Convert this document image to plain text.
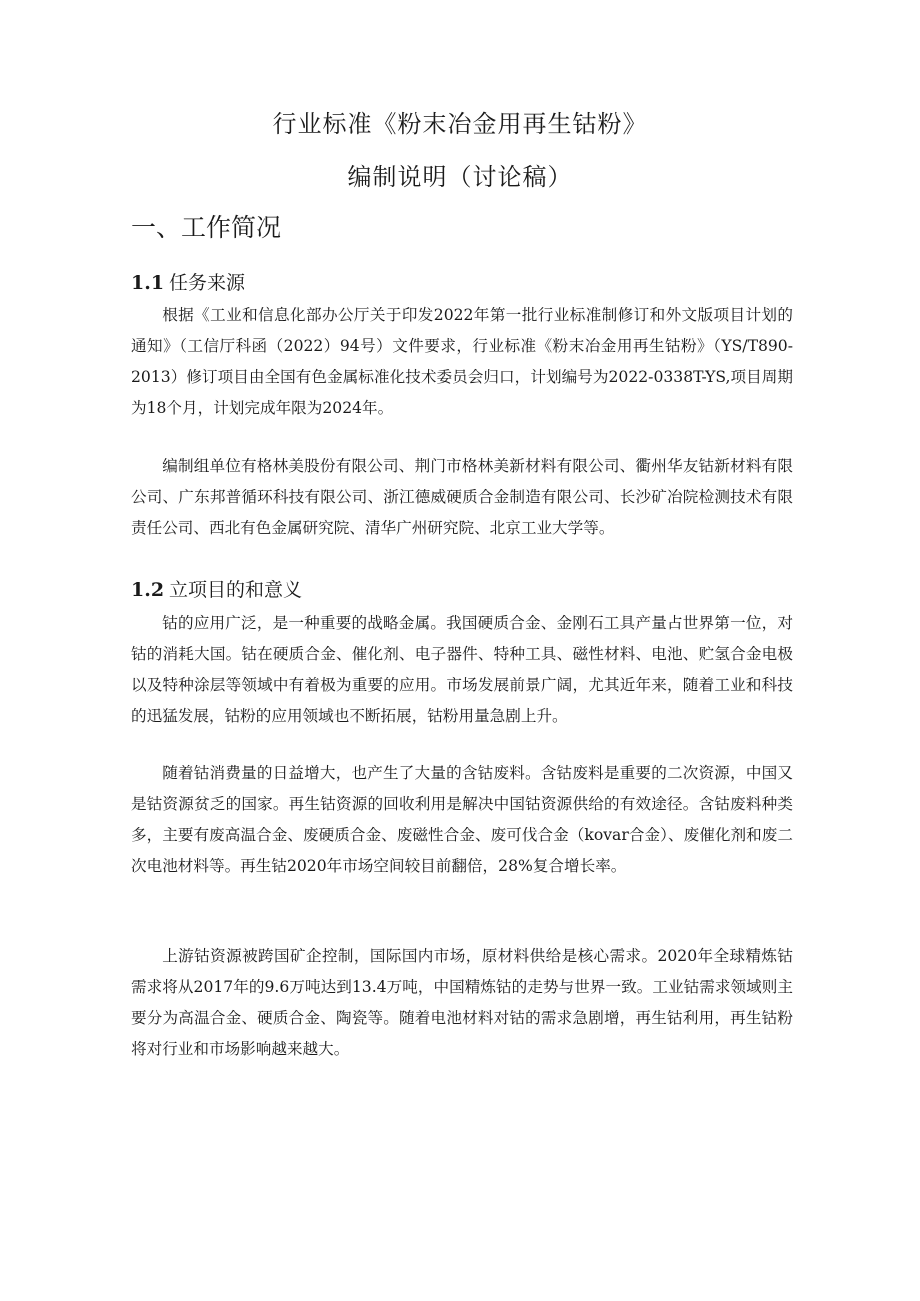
行业标准《粉末冶金用再生钴粉》
编制说明（讨论稿）
一、工作简况
1.1 任务来源

根据《工业和信息化部办公厅关于印发2022年第一批行业标准制修订和外文版项目计划的通知》（工信厅科函（2022）94号）文件要求，行业标准《粉末冶金用再生钴粉》（YS/T890-2013）修订项目由全国有色金属标准化技术委员会归口，计划编号为2022-0338T-YS,项目周期为18个月，计划完成年限为2024年。

编制组单位有格林美股份有限公司、荆门市格林美新材料有限公司、衢州华友钴新材料有限公司、广东邦普循环科技有限公司、浙江德威硬质合金制造有限公司、长沙矿冶院检测技术有限责任公司、西北有色金属研究院、清华广州研究院、北京工业大学等。

1.2 立项目的和意义

钴的应用广泛，是一种重要的战略金属。我国硬质合金、金刚石工具产量占世界第一位，对钴的消耗大国。钴在硬质合金、催化剂、电子器件、特种工具、磁性材料、电池、贮氢合金电极以及特种涂层等领域中有着极为重要的应用。市场发展前景广阔，尤其近年来，随着工业和科技的迅猛发展，钴粉的应用领域也不断拓展，钴粉用量急剧上升。

随着钴消费量的日益增大，也产生了大量的含钴废料。含钴废料是重要的二次资源，中国又是钴资源贫乏的国家。再生钴资源的回收利用是解决中国钴资源供给的有效途径。含钴废料种类多，主要有废高温合金、废硬质合金、废磁性合金、废可伐合金（kovar合金）、废催化剂和废二次电池材料等。再生钴2020年市场空间较目前翻倍，28%复合增长率。

上游钴资源被跨国矿企控制，国际国内市场，原材料供给是核心需求。2020年全球精炼钴需求将从2017年的9.6万吨达到13.4万吨，中国精炼钴的走势与世界一致。工业钴需求领域则主要分为高温合金、硬质合金、陶瓷等。随着电池材料对钴的需求急剧增，再生钴利用，再生钴粉将对行业和市场影响越来越大。
